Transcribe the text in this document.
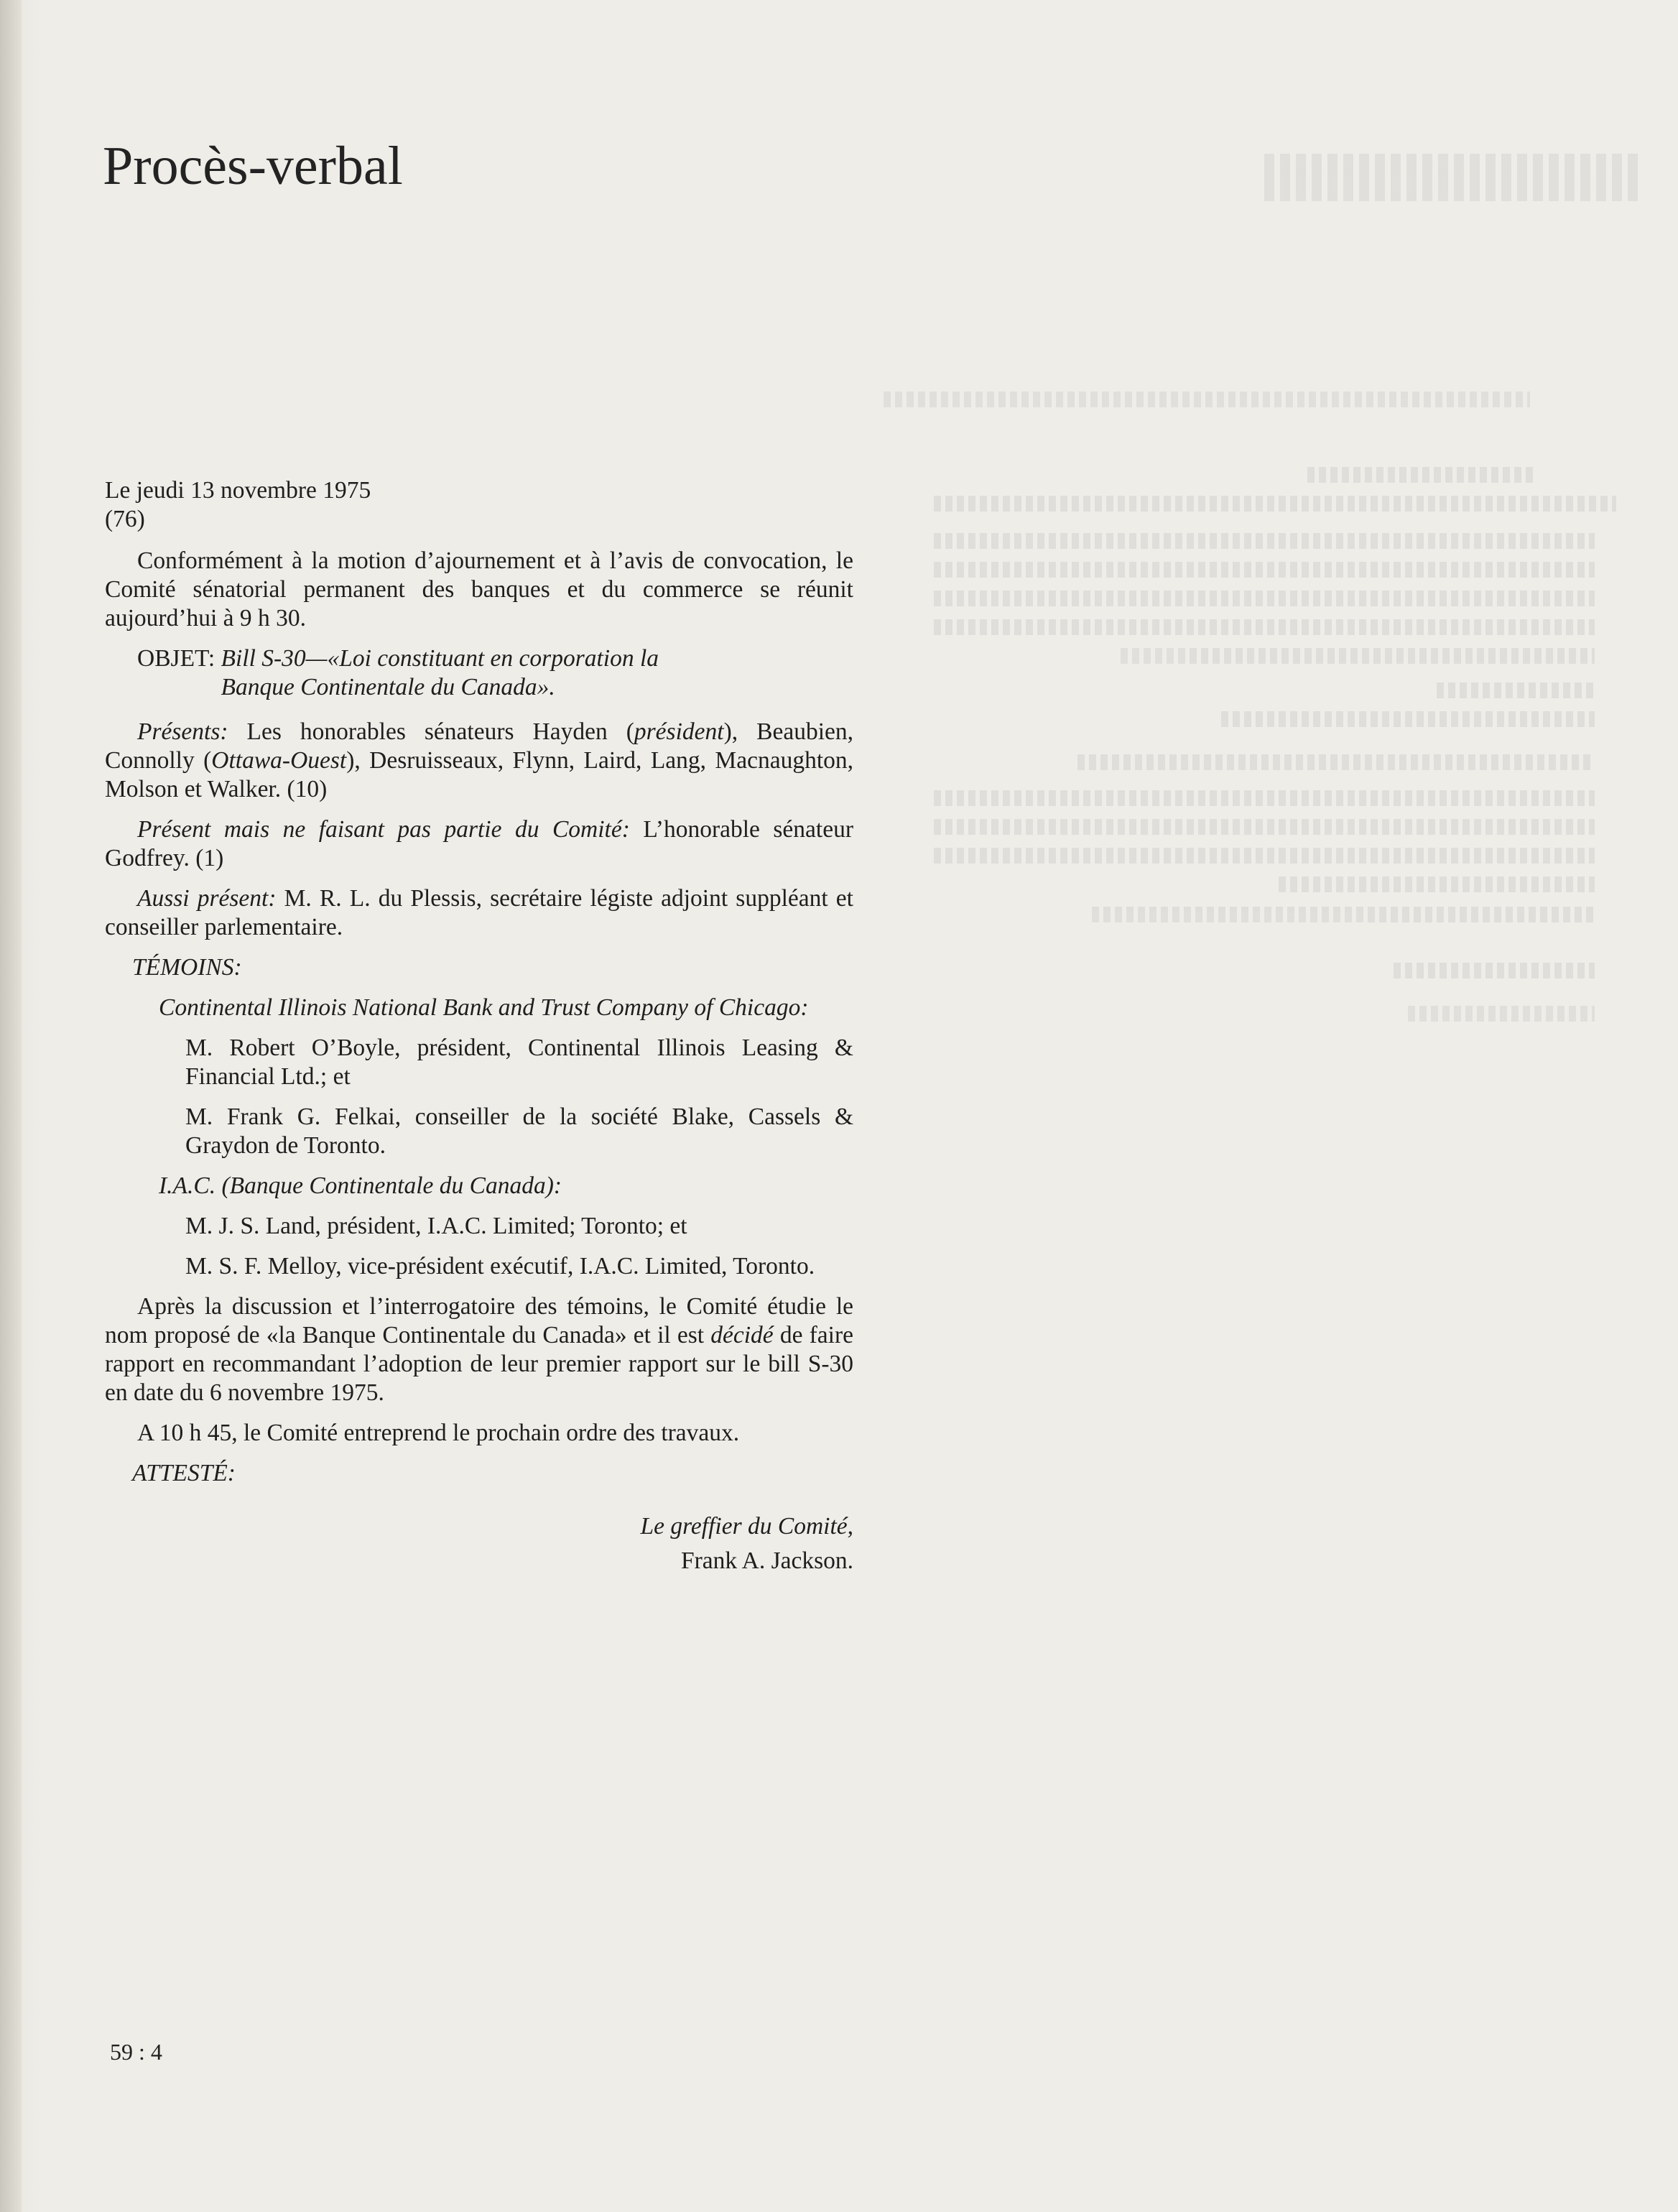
Procès-verbal

Le jeudi 13 novembre 1975

(76)

Conformément à la motion d’ajournement et à l’avis de convocation, le Comité sénatorial permanent des banques et du commerce se réunit aujourd’hui à 9 h 30.

OBJET: Bill S-30—«Loi constituant en corporation la
Banque Continentale du Canada».

Présents: Les honorables sénateurs Hayden (président), Beaubien, Connolly (Ottawa-Ouest), Desruisseaux, Flynn, Laird, Lang, Macnaughton, Molson et Walker. (10)

Présent mais ne faisant pas partie du Comité: L’honorable sénateur Godfrey. (1)

Aussi présent: M. R. L. du Plessis, secrétaire légiste adjoint suppléant et conseiller parlementaire.

TÉMOINS:

Continental Illinois National Bank and Trust Company of Chicago:

M. Robert O’Boyle, président, Continental Illinois Leasing & Financial Ltd.; et

M. Frank G. Felkai, conseiller de la société Blake, Cassels & Graydon de Toronto.

I.A.C. (Banque Continentale du Canada):

M. J. S. Land, président, I.A.C. Limited; Toronto; et

M. S. F. Melloy, vice-président exécutif, I.A.C. Limited, Toronto.

Après la discussion et l’interrogatoire des témoins, le Comité étudie le nom proposé de «la Banque Continentale du Canada» et il est décidé de faire rapport en recommandant l’adoption de leur premier rapport sur le bill S-30 en date du 6 novembre 1975.

A 10 h 45, le Comité entreprend le prochain ordre des travaux.

ATTESTÉ:

Le greffier du Comité,

Frank A. Jackson.

59 : 4
